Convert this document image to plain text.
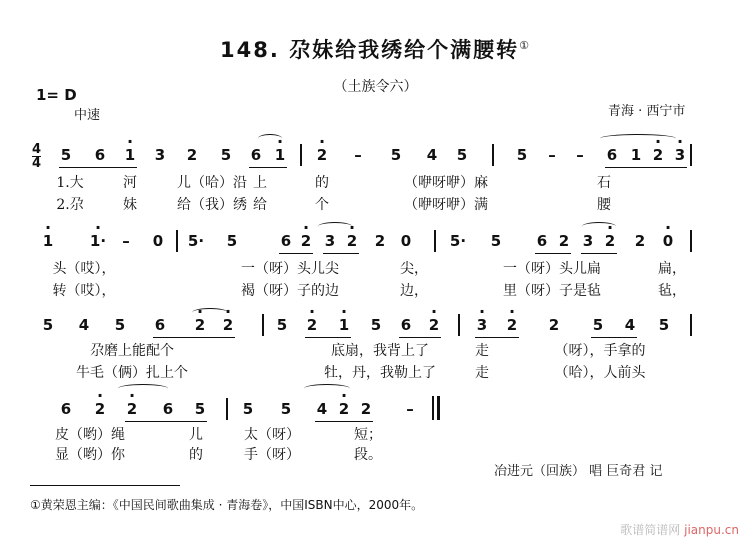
148. 尕妹给我绣给个满腰转①
（土族令六）
1= D
中速	青海 · 西宁市
4
4 5 6 · 1 3 2 5 6 · 1 · 2 – 5 4 5	5 – – 6 1 · 2 · 3
1.大	河	儿（哈）沿 上	的	（咿呀咿）麻	石
2.尕	妹	给（我）绣 给	个	（咿呀咿）满	腰
· 1 · 1· – 0 5· 5	6 · 2 3 · 2 2 0	5· 5 6 2 3 · 2 2 · 0
头（哎），	一（呀）头儿尖	尖，	一（呀）头儿扁	扁，
转（哎），	褐（呀）子的边	边，	里（呀）子是毡	毡，
5 4 5 6 · 2 · 2	5 · 2 · 1 5 6 · 2	· 3 · 2 2 5 4 5
尕磨上能配个	底扇，我背上了	走	（呀），手拿的
牛毛（俩）扎上个	牡，丹，我勒上了	走	（哈），人前头
6 · 2 · 2 6 5	5 5 4 · 2 2 –
皮（哟）绳	儿	太（呀）	短；
显（哟）你	的	手（呀）	段。
冶进元（回族） 唱 巨奇君 记
①黄荣恩主编：《中国民间歌曲集成 · 青海卷》，中国ISBN中心，2000年。
歌谱简谱网 jianpu.cn
